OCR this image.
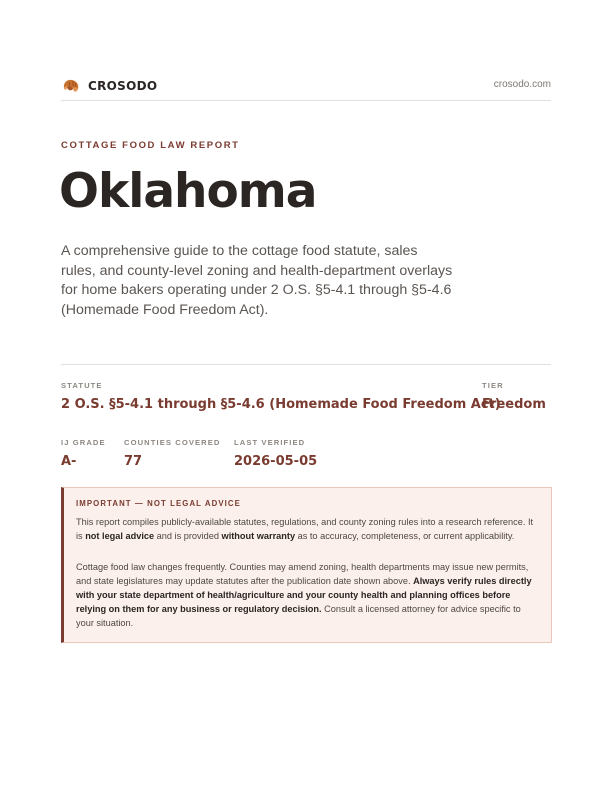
CROSODO	crosodo.com
COTTAGE FOOD LAW REPORT
Oklahoma

A comprehensive guide to the cottage food statute, sales rules, and county-level zoning and health-department overlays for home bakers operating under 2 O.S. §5-4.1 through §5-4.6 (Homemade Food Freedom Act).

STATUTE
2 O.S. §5-4.1 through §5-4.6 (Homemade Food Freedom Act)
TIER
Freedom
IJ GRADE
A-
COUNTIES COVERED
77
LAST VERIFIED
2026-05-05
IMPORTANT — NOT LEGAL ADVICE

This report compiles publicly-available statutes, regulations, and county zoning rules into a research reference. It is not legal advice and is provided without warranty as to accuracy, completeness, or current applicability.

Cottage food law changes frequently. Counties may amend zoning, health departments may issue new permits, and state legislatures may update statutes after the publication date shown above. Always verify rules directly with your state department of health/agriculture and your county health and planning offices before relying on them for any business or regulatory decision. Consult a licensed attorney for advice specific to your situation.
